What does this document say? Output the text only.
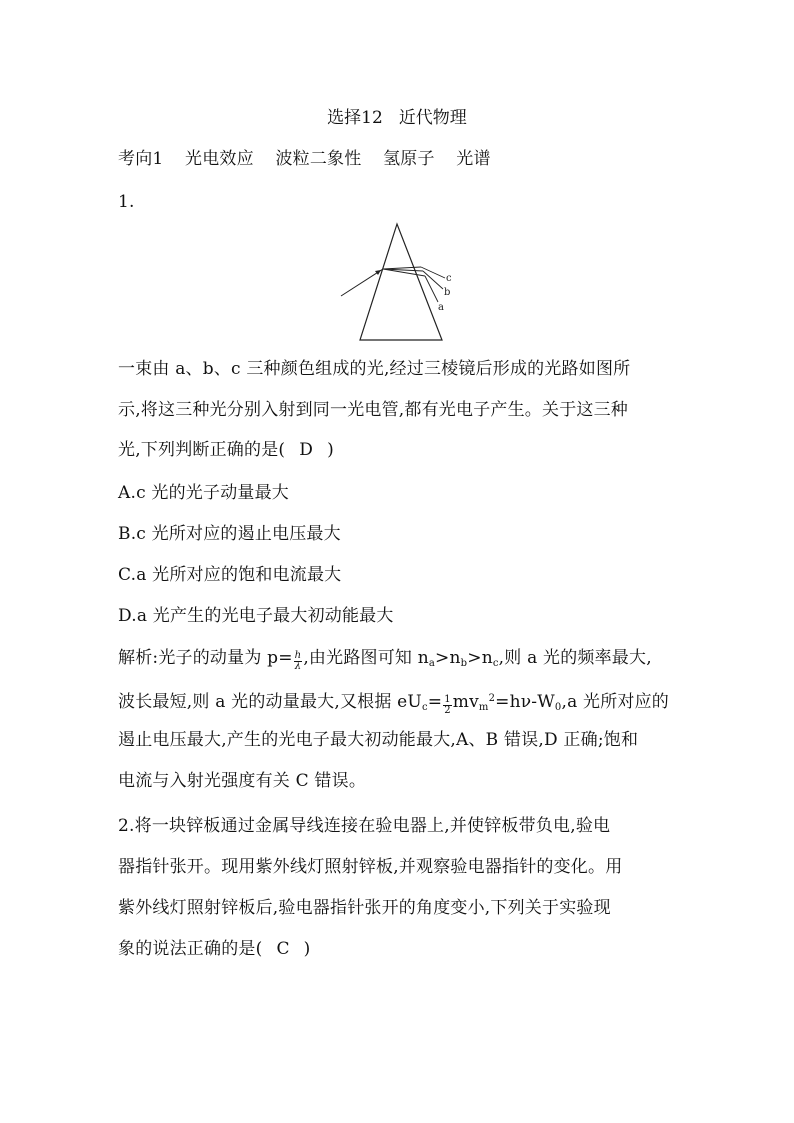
选择12 近代物理
考向1 光电效应 波粒二象性 氢原子 光谱
1.
c
b
a
一束由 a、b、c 三种颜色组成的光,经过三棱镜后形成的光路如图所
示,将这三种光分别入射到同一光电管,都有光电子产生。关于这三种
光,下列判断正确的是( D )
A.c 光的光子动量最大
B.c 光所对应的遏止电压最大
C.a 光所对应的饱和电流最大
D.a 光产生的光电子最大初动能最大
解析:光子的动量为 $p= \frac{h}{\lambda}$ ,由光路图可知 $n_a>n_b>n_c$,则 a 光的频率最大,
波长最短,则 a 光的动量最大,又根据 $eU_c= \frac{1}{2} mv_m^2=h\nu-W_0,a$ 光所对应的
遏止电压最大,产生的光电子最大初动能最大,A、B 错误,D 正确;饱和
电流与入射光强度有关 C 错误。
2.将一块锌板通过金属导线连接在验电器上,并使锌板带负电,验电
器指针张开。现用紫外线灯照射锌板,并观察验电器指针的变化。用
紫外线灯照射锌板后,验电器指针张开的角度变小,下列关于实验现
象的说法正确的是( C )
